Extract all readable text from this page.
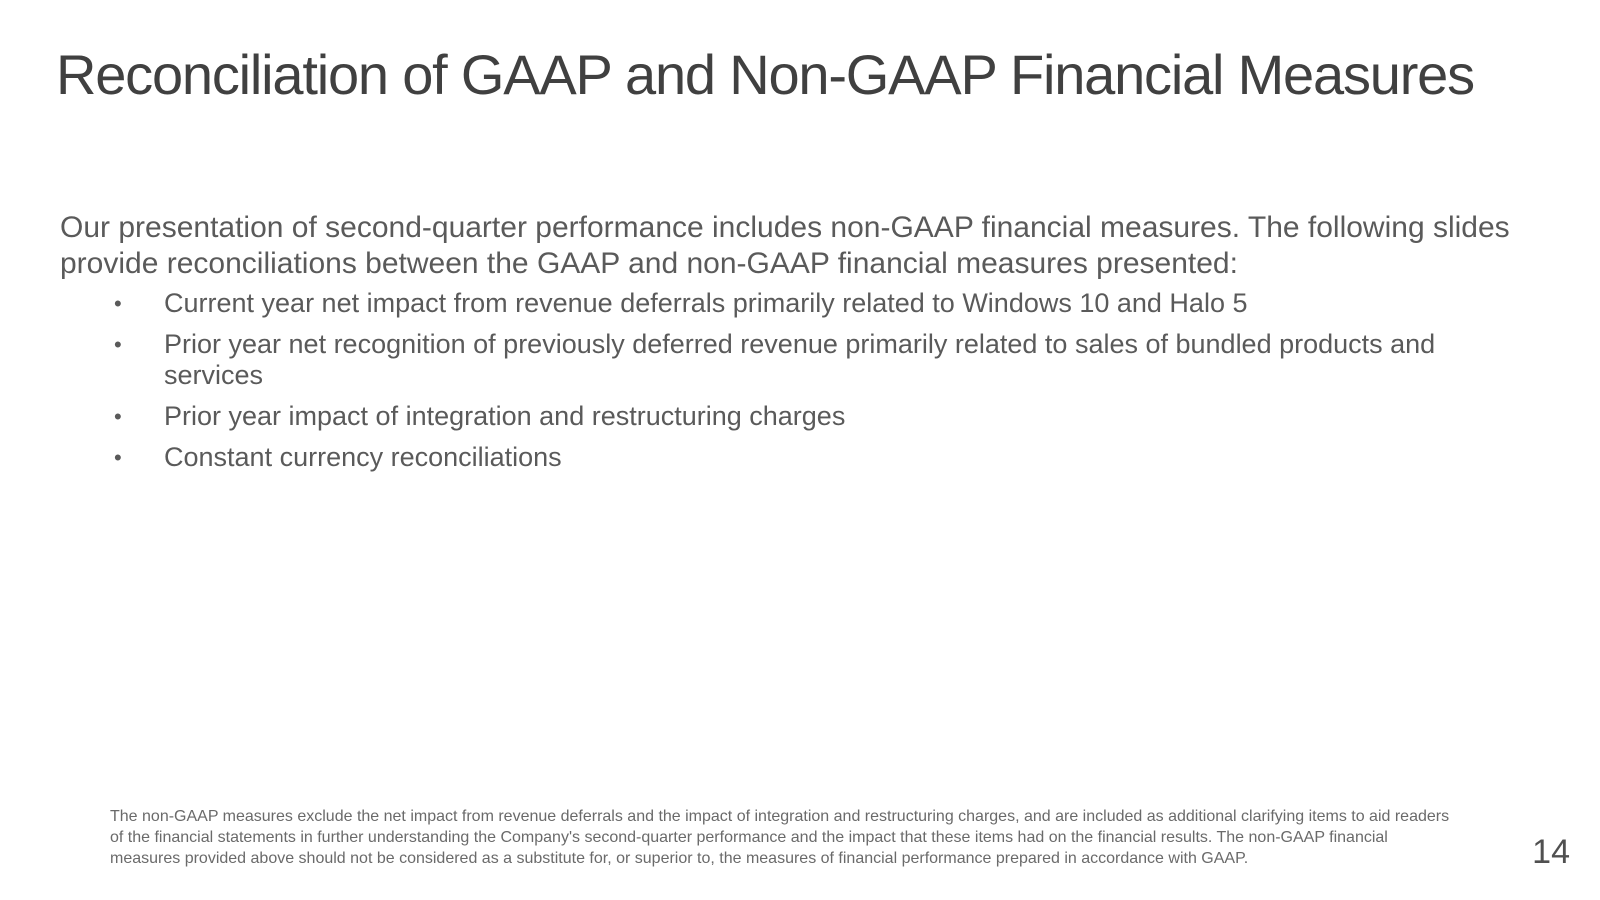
Reconciliation of GAAP and Non-GAAP Financial Measures

Our presentation of second-quarter performance includes non-GAAP financial measures. The following slides provide reconciliations between the GAAP and non-GAAP financial measures presented:

• Current year net impact from revenue deferrals primarily related to Windows 10 and Halo 5
• Prior year net recognition of previously deferred revenue primarily related to sales of bundled products and services
• Prior year impact of integration and restructuring charges
• Constant currency reconciliations

The non-GAAP measures exclude the net impact from revenue deferrals and the impact of integration and restructuring charges, and are included as additional clarifying items to aid readers of the financial statements in further understanding the Company's second-quarter performance and the impact that these items had on the financial results. The non-GAAP financial measures provided above should not be considered as a substitute for, or superior to, the measures of financial performance prepared in accordance with GAAP.	14
